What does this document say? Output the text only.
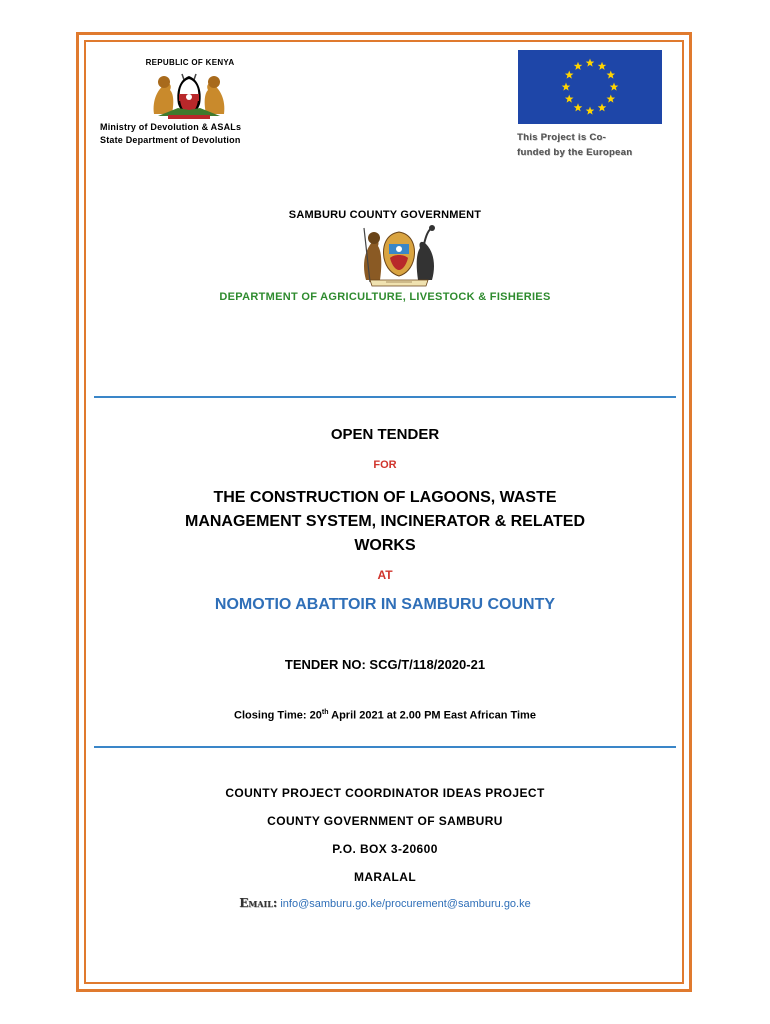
REPUBLIC OF KENYA
Ministry of Devolution & ASALs
State Department of Devolution	This Project is Co-
funded by the European
SAMBURU COUNTY GOVERNMENT
DEPARTMENT OF AGRICULTURE, LIVESTOCK & FISHERIES
OPEN TENDER
FOR
THE CONSTRUCTION OF LAGOONS, WASTE
MANAGEMENT SYSTEM, INCINERATOR & RELATED
WORKS
AT
NOMOTIO ABATTOIR IN SAMBURU COUNTY
TENDER NO: SCG/T/118/2020-21
Closing Time: 20th April 2021 at 2.00 PM East African Time
COUNTY PROJECT COORDINATOR IDEAS PROJECT
COUNTY GOVERNMENT OF SAMBURU
P.O. BOX 3-20600
MARALAL
Email: info@samburu.go.ke/procurement@samburu.go.ke
